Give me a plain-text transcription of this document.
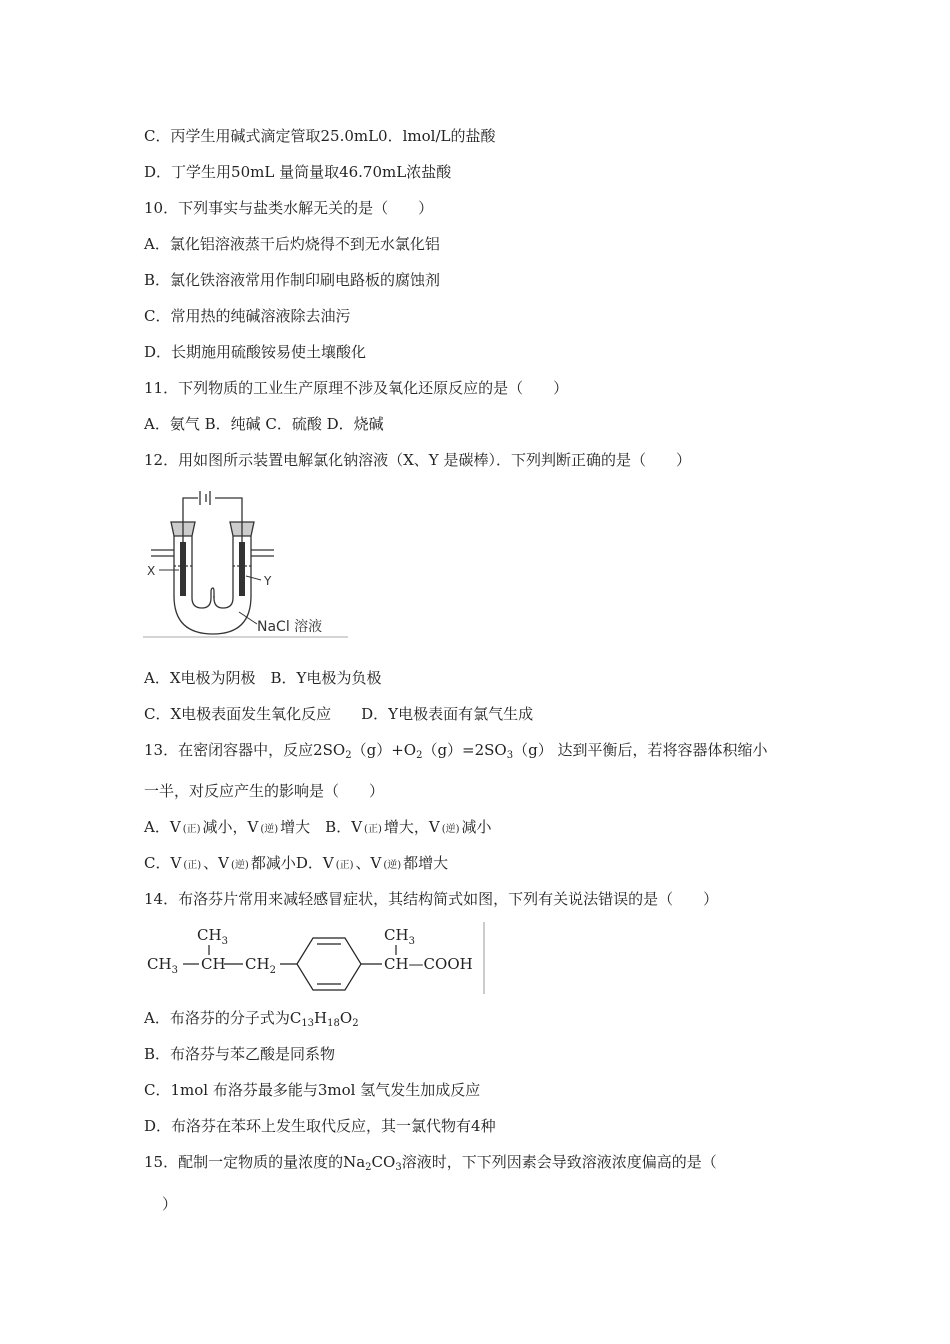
C．丙学生用碱式滴定管取25.0mL0．lmol/L的盐酸
D．丁学生用50mL 量筒量取46.70mL浓盐酸
10．下列事实与盐类水解无关的是（　　）
A．氯化铝溶液蒸干后灼烧得不到无水氯化铝
B．氯化铁溶液常用作制印刷电路板的腐蚀剂
C．常用热的纯碱溶液除去油污
D．长期施用硫酸铵易使土壤酸化
11．下列物质的工业生产原理不涉及氧化还原反应的是（　　）
A．氨气 B．纯碱 C．硫酸 D．烧碱
12．用如图所示装置电解氯化钠溶液（X、Y 是碳棒）．下列判断正确的是（　　）
X
Y
NaCl 溶液
A．X电极为阴极　B．Y电极为负极
C．X电极表面发生氧化反应　　D．Y电极表面有氯气生成
13．在密闭容器中，反应$2SO_2(g)+O_2(g)=2SO_3(g)$ 达到平衡后，若将容器体积缩小
一半，对反应产生的影响是（　　）
A．V (正) 减小，V (逆) 增大　B．V (正) 增大，V (逆) 减小
C．V (正) 、V (逆) 都减小D．V (正) 、V (逆) 都增大
14．布洛芬片常用来减轻感冒症状，其结构简式如图，下列有关说法错误的是（　　）
$CH_3$
$CH_3$ CH $CH_2$
$CH_3$
CH—COOH
A．布洛芬的分子式为$C_{13}H_{18}O_2$
B．布洛芬与苯乙酸是同系物
C．1mol 布洛芬最多能与3mol 氢气发生加成反应
D．布洛芬在苯环上发生取代反应，其一氯代物有4种
15．配制一定物质的量浓度的$Na_2CO_3$溶液时，下下列因素会导致溶液浓度偏高的是（
）
